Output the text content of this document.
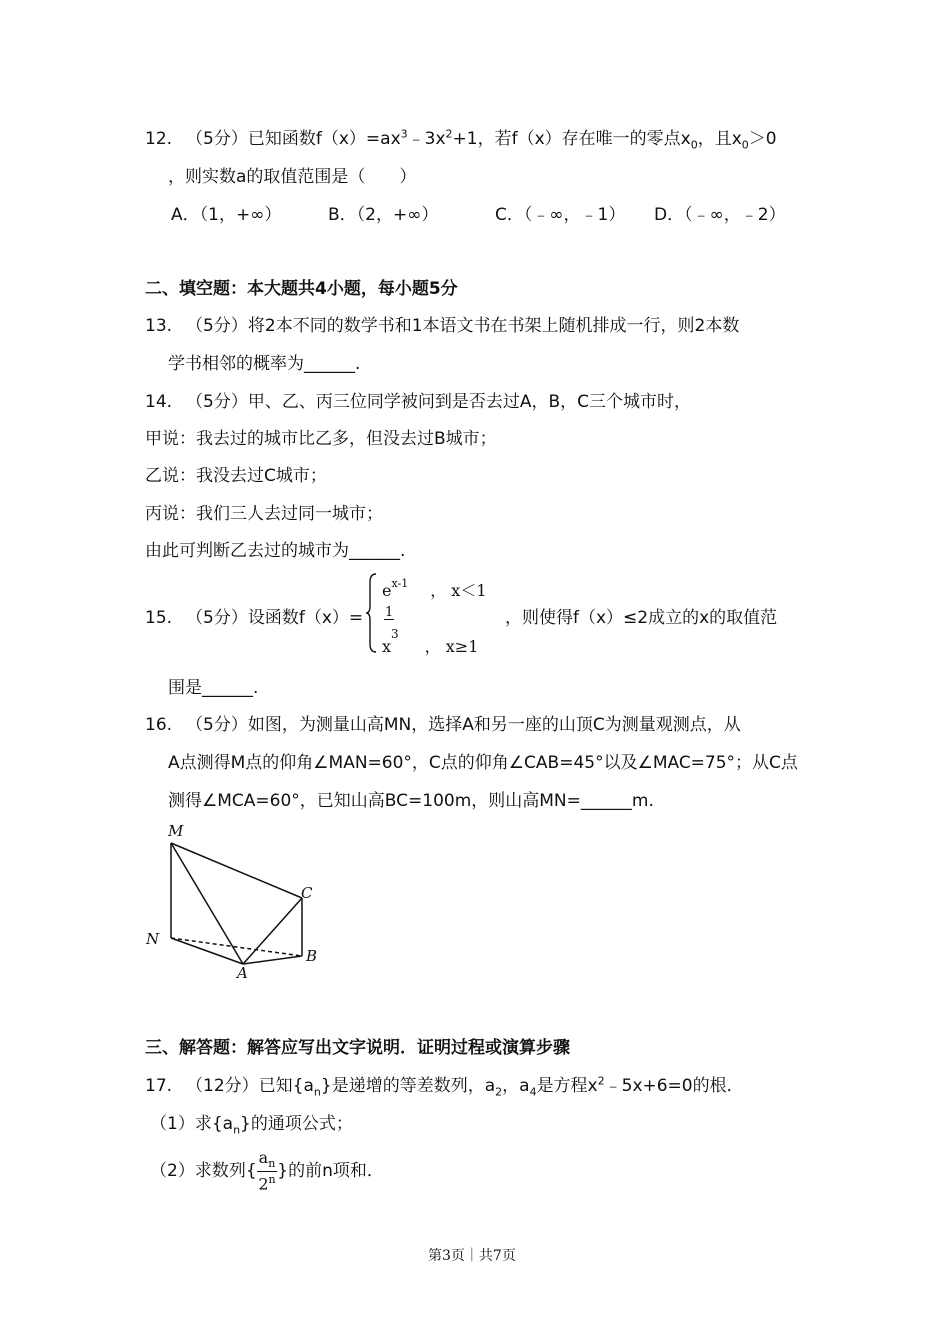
12. （5分）已知函数$f(x)=ax^3﹣3x^2+1$，若f（x）存在唯一的零点$x_0$，且$x_0>0$
，则实数a的取值范围是（　　）
A．（1，+∞）	B．（2，+∞）	C．（﹣∞，﹣1） D．（﹣∞，﹣2）
二、填空题：本大题共4小题，每小题5分
13. （5分）将2本不同的数学书和1本语文书在书架上随机排成一行，则2本数
学书相邻的概率为______.
14. （5分）甲、乙、丙三位同学被问到是否去过A，B，C三个城市时，
甲说：我去过的城市比乙多，但没去过B城市；
乙说：我没去过C城市；
丙说：我们三人去过同一城市；
由此可判断乙去过的城市为______.
15. （5分）设函数f（x）=
$e^{x-1}$ ， x＜1
1
$x^3$， x≥1
，则使得f（x）≤2成立的x的取值范
围是______.
16. （5分）如图，为测量山高MN，选择A和另一座的山顶C为测量观测点，从
A点测得M点的仰角∠MAN=60°，C点的仰角∠CAB=45°以及∠MAC=75°；从C点
测得∠MCA=60°，已知山高BC=100m，则山高MN=______m.
M
N
A
B
C
三、解答题：解答应写出文字说明．证明过程或演算步骤
17. （12分）已知$\{a_n\}$是递增的等差数列，$a_2$，$a_4$是方程$x^2﹣5x+6=0$的根．
（1）求$\{a_n\}$的通项公式；
（2）求数列{ $\frac{a_n}{2^n}$ }的前n项和．
第3页｜共7页
